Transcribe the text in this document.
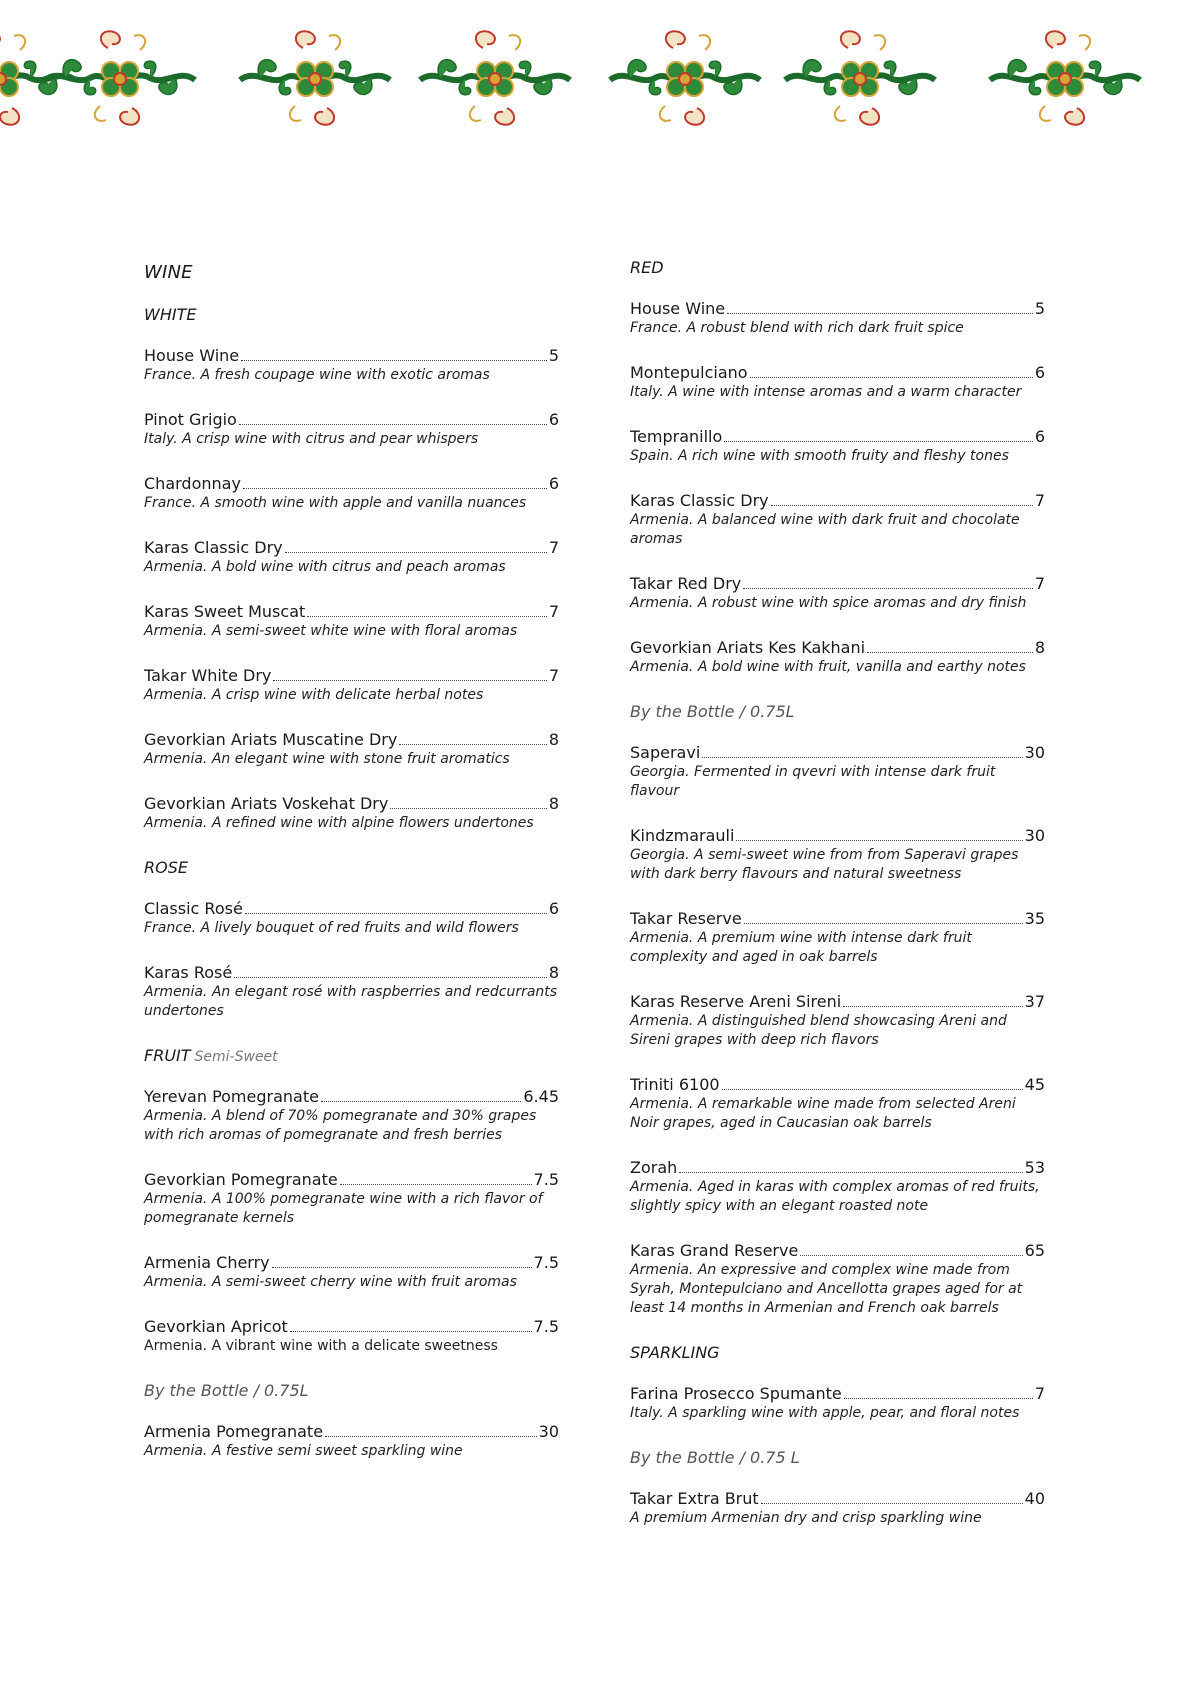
WINE
WHITE
House Wine	5
France. A fresh coupage wine with exotic aromas
Pinot Grigio	6
Italy. A crisp wine with citrus and pear whispers
Chardonnay	6
France. A smooth wine with apple and vanilla nuances
Karas Classic Dry	7
Armenia. A bold wine with citrus and peach aromas
Karas Sweet Muscat	7
Armenia. A semi-sweet white wine with floral aromas
Takar White Dry	7
Armenia. A crisp wine with delicate herbal notes
Gevorkian Ariats Muscatine Dry	8
Armenia. An elegant wine with stone fruit aromatics
Gevorkian Ariats Voskehat Dry	8
Armenia. A refined wine with alpine flowers undertones
ROSE
Classic Rosé	6
France. A lively bouquet of red fruits and wild flowers
Karas Rosé	8
Armenia. An elegant rosé with raspberries and redcurrants undertones
FRUIT Semi-Sweet
Yerevan Pomegranate	6.45
Armenia. A blend of 70% pomegranate and 30% grapes with rich aromas of pomegranate and fresh berries
Gevorkian Pomegranate	7.5
Armenia. A 100% pomegranate wine with a rich flavor of pomegranate kernels
Armenia Cherry	7.5
Armenia. A semi-sweet cherry wine with fruit aromas
Gevorkian Apricot	7.5
Armenia. A vibrant wine with a delicate sweetness
By the Bottle / 0.75L
Armenia Pomegranate	30
Armenia. A festive semi sweet sparkling wine
RED
House Wine	5
France. A robust blend with rich dark fruit spice
Montepulciano	6
Italy. A wine with intense aromas and a warm character
Tempranillo	6
Spain. A rich wine with smooth fruity and fleshy tones
Karas Classic Dry	7
Armenia. A balanced wine with dark fruit and chocolate aromas
Takar Red Dry	7
Armenia. A robust wine with spice aromas and dry finish
Gevorkian Ariats Kes Kakhani	8
Armenia. A bold wine with fruit, vanilla and earthy notes
By the Bottle / 0.75L
Saperavi	30
Georgia. Fermented in qvevri with intense dark fruit flavour
Kindzmarauli	30
Georgia. A semi-sweet wine from from Saperavi grapes with dark berry flavours and natural sweetness
Takar Reserve	35
Armenia. A premium wine with intense dark fruit complexity and aged in oak barrels
Karas Reserve Areni Sireni	37
Armenia. A distinguished blend showcasing Areni and Sireni grapes with deep rich flavors
Triniti 6100	45
Armenia. A remarkable wine made from selected Areni Noir grapes, aged in Caucasian oak barrels
Zorah	53
Armenia. Aged in karas with complex aromas of red fruits, slightly spicy with an elegant roasted note
Karas Grand Reserve	65
Armenia. An expressive and complex wine made from Syrah, Montepulciano and Ancellotta grapes aged for at least 14 months in Armenian and French oak barrels
SPARKLING
Farina Prosecco Spumante	7
Italy. A sparkling wine with apple, pear, and floral notes
By the Bottle / 0.75 L
Takar Extra Brut	40
A premium Armenian dry and crisp sparkling wine
